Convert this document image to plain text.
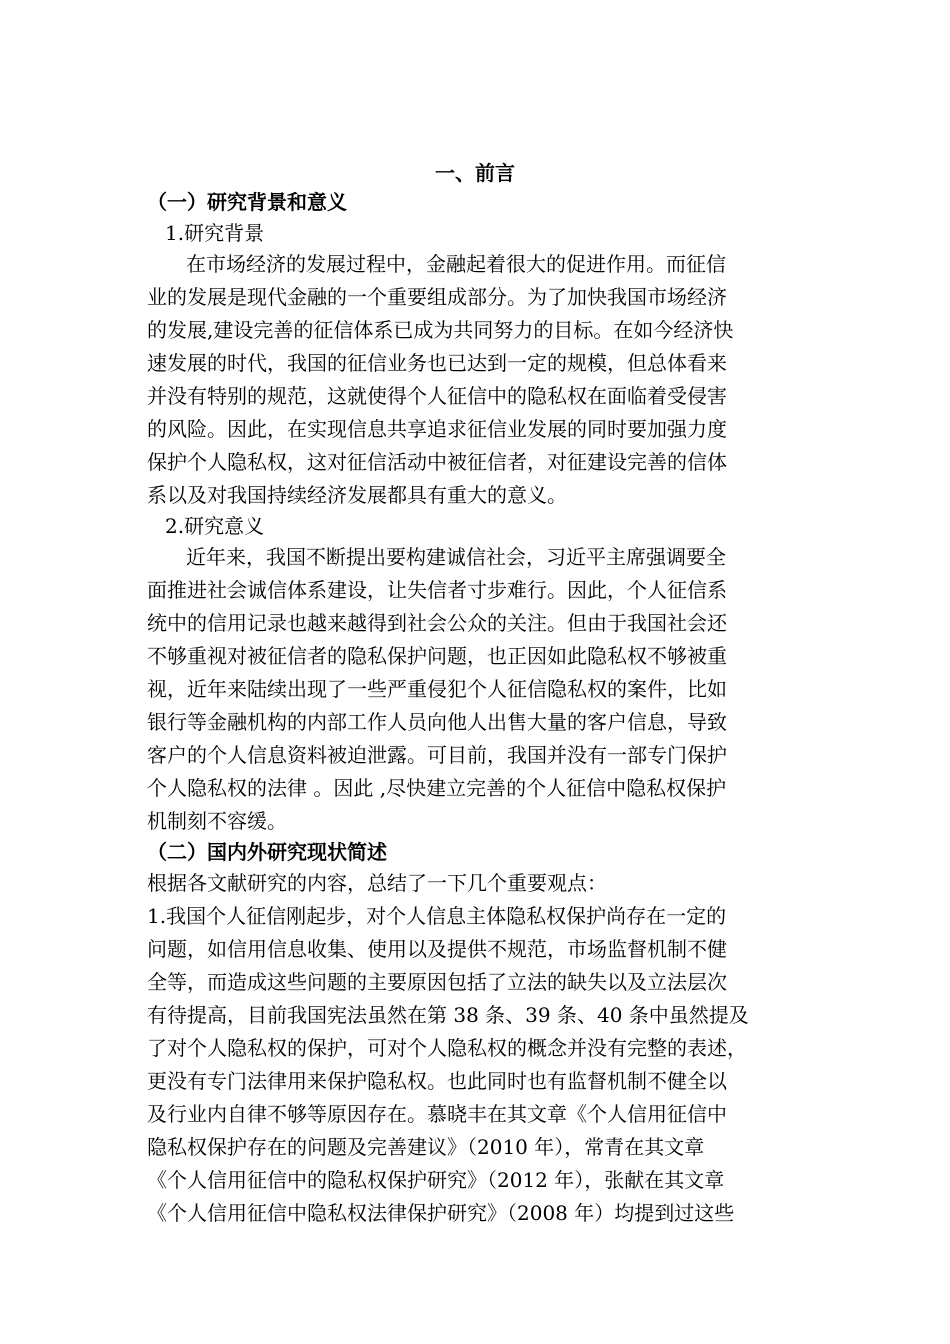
一、前言
（一）研究背景和意义
1.研究背景
在市场经济的发展过程中，金融起着很大的促进作用。而征信
业的发展是现代金融的一个重要组成部分。为了加快我国市场经济
的发展,建设完善的征信体系已成为共同努力的目标。在如今经济快
速发展的时代，我国的征信业务也已达到一定的规模，但总体看来
并没有特别的规范，这就使得个人征信中的隐私权在面临着受侵害
的风险。因此，在实现信息共享追求征信业发展的同时要加强力度
保护个人隐私权，这对征信活动中被征信者，对征建设完善的信体
系以及对我国持续经济发展都具有重大的意义。
2.研究意义
近年来，我国不断提出要构建诚信社会，习近平主席强调要全
面推进社会诚信体系建设，让失信者寸步难行。因此，个人征信系
统中的信用记录也越来越得到社会公众的关注。但由于我国社会还
不够重视对被征信者的隐私保护问题，也正因如此隐私权不够被重
视，近年来陆续出现了一些严重侵犯个人征信隐私权的案件，比如
银行等金融机构的内部工作人员向他人出售大量的客户信息，导致
客户的个人信息资料被迫泄露。可目前，我国并没有一部专门保护
个人隐私权的法律 。因此 ,尽快建立完善的个人征信中隐私权保护
机制刻不容缓。
（二）国内外研究现状简述
根据各文献研究的内容，总结了一下几个重要观点：
1.我国个人征信刚起步，对个人信息主体隐私权保护尚存在一定的
问题，如信用信息收集、使用以及提供不规范，市场监督机制不健
全等，而造成这些问题的主要原因包括了立法的缺失以及立法层次
有待提高，目前我国宪法虽然在第 38 条、39 条、40 条中虽然提及
了对个人隐私权的保护，可对个人隐私权的概念并没有完整的表述，
更没有专门法律用来保护隐私权。也此同时也有监督机制不健全以
及行业内自律不够等原因存在。慕晓丰在其文章《个人信用征信中
隐私权保护存在的问题及完善建议》（2010 年），常青在其文章
《个人信用征信中的隐私权保护研究》（2012 年），张献在其文章
《个人信用征信中隐私权法律保护研究》（2008 年）均提到过这些
